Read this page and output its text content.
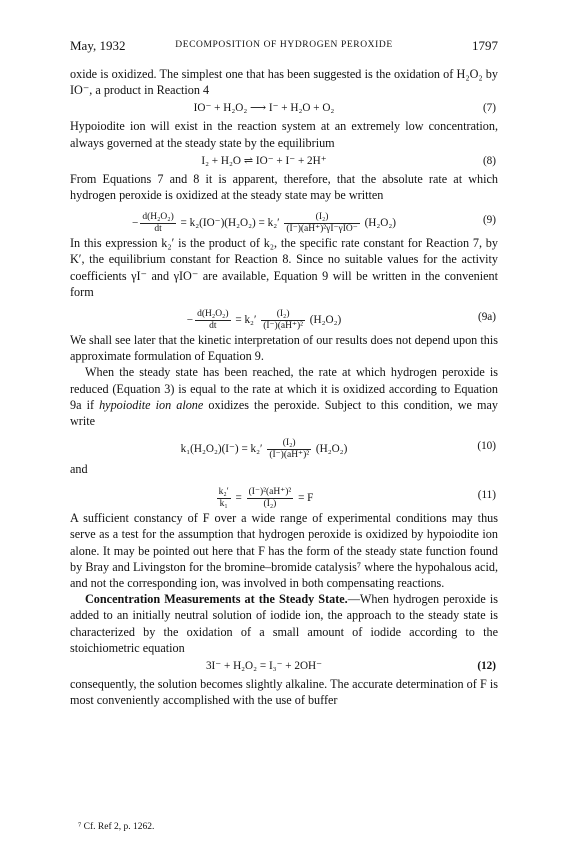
May, 1932	DECOMPOSITION OF HYDROGEN PEROXIDE	1797

oxide is oxidized. The simplest one that has been suggested is the oxidation of H₂O₂ by IO⁻, a product in Reaction 4

IO⁻ + H₂O₂ ⟶ I⁻ + H₂O + O₂	(7)

Hypoiodite ion will exist in the reaction system at an extremely low concentration, always governed at the steady state by the equilibrium

I₂ + H₂O ⇌ IO⁻ + I⁻ + 2H⁺	(8)

From Equations 7 and 8 it is apparent, therefore, that the absolute rate at which hydrogen peroxide is oxidized at the steady state may be written

− $\frac{\text{d(H₂O₂)}}{dt} = k_2(IO^-)(H_2O_2) = k_2' \frac{\text{(I₂)}}{\text{(I⁻)(aH⁺)²γI⁻γIO⁻}} (H_2O_2)$	(9)

In this expression k₂′ is the product of k₂, the specific rate constant for Reaction 7, by K′, the equilibrium constant for Reaction 8. Since no suitable values for the activity coefficients γI⁻ and γIO⁻ are available, Equation 9 will be written in the convenient form

− $\frac{\text{d(H₂O₂)}}{dt} = k_2' \frac{\text{(I₂)}}{\text{(I⁻)(aH⁺)²}} (H_2O_2)$	(9a)

We shall see later that the kinetic interpretation of our results does not depend upon this approximate formulation of Equation 9.

When the steady state has been reached, the rate at which hydrogen peroxide is reduced (Equation 3) is equal to the rate at which it is oxidized according to Equation 9a if hypoiodite ion alone oxidizes the peroxide. Subject to this condition, we may write

$k_1(H_2O_2)(I^-) = k_2' \frac{\text{(I₂)}}{\text{(I⁻)(aH⁺)²}} (H_2O_2)$	(10)
and
$\frac{\text{k₂′}}{\text{k₁}} = \frac{\text{(I⁻)²(aH⁺)²}}{\text{(I₂)}} = F$	(11)

A sufficient constancy of F over a wide range of experimental conditions may thus serve as a test for the assumption that hydrogen peroxide is oxidized by hypoiodite ion alone. It may be pointed out here that F has the form of the steady state function found by Bray and Livingston for the bromine–bromide catalysis⁷ where the hypohalous acid, and not the corresponding ion, was involved in both compensating reactions.

Concentration Measurements at the Steady State.—When hydrogen peroxide is added to an initially neutral solution of iodide ion, the approach to the steady state is characterized by the oxidation of a small amount of iodide according to the stoichiometric equation

3I⁻ + H₂O₂ = I₃⁻ + 2OH⁻	(12)

consequently, the solution becomes slightly alkaline. The accurate determination of F is most conveniently accomplished with the use of buffer

⁷ Cf. Ref 2, p. 1262.
